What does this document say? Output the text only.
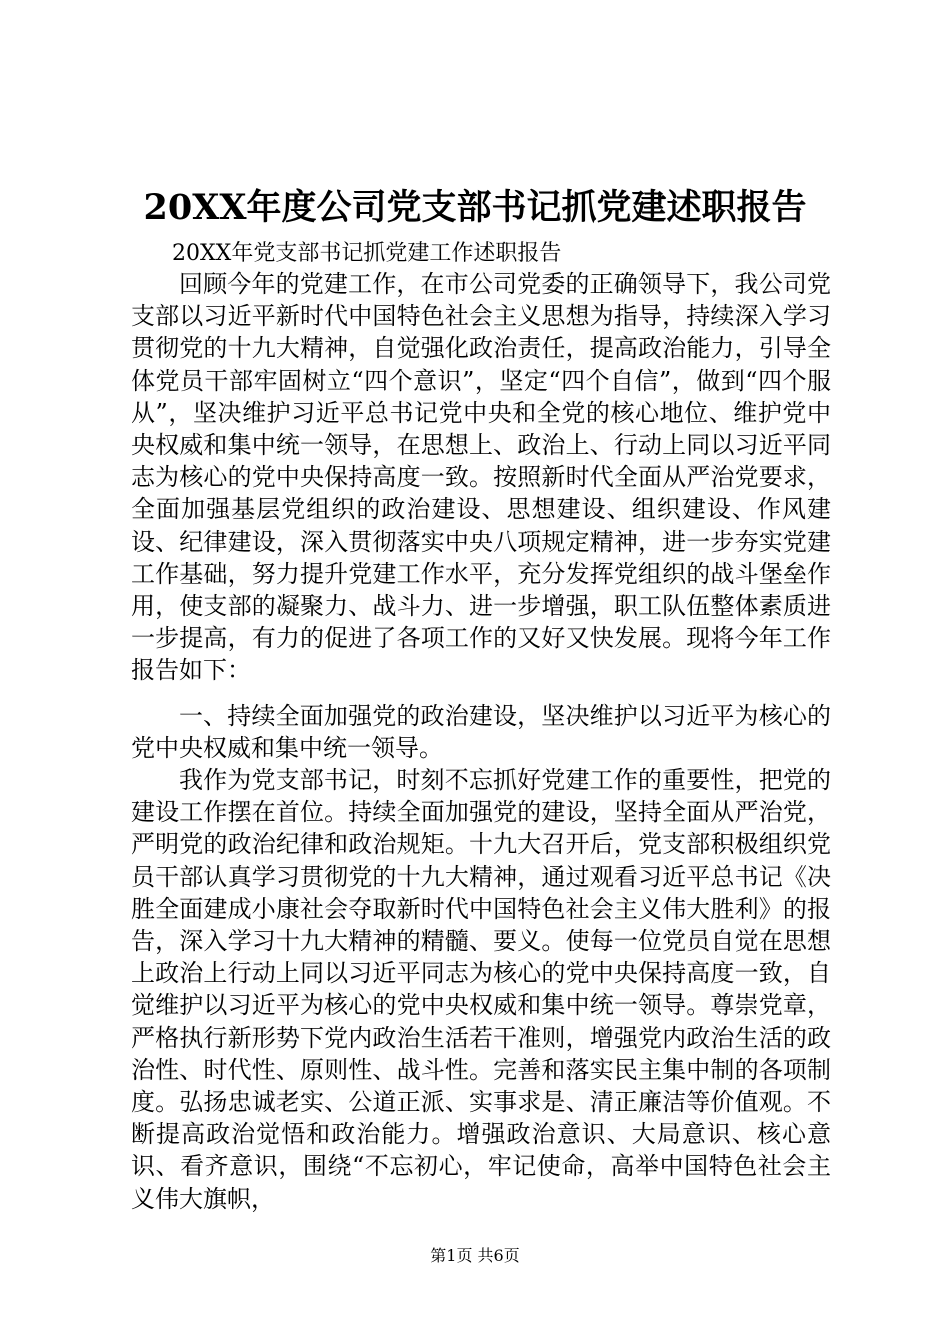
20XX年度公司党支部书记抓党建述职报告
20XX年党支部书记抓党建工作述职报告

回顾今年的党建工作，在市公司党委的正确领导下，我公司党支部以习近平新时代中国特色社会主义思想为指导，持续深入学习贯彻党的十九大精神，自觉强化政治责任，提高政治能力，引导全体党员干部牢固树立“四个意识”，坚定“四个自信”，做到“四个服从”，坚决维护习近平总书记党中央和全党的核心地位、维护党中央权威和集中统一领导，在思想上、政治上、行动上同以习近平同志为核心的党中央保持高度一致。按照新时代全面从严治党要求，全面加强基层党组织的政治建设、思想建设、组织建设、作风建设、纪律建设，深入贯彻落实中央八项规定精神，进一步夯实党建工作基础，努力提升党建工作水平，充分发挥党组织的战斗堡垒作用，使支部的凝聚力、战斗力、进一步增强，职工队伍整体素质进一步提高，有力的促进了各项工作的又好又快发展。现将今年工作报告如下：

一、持续全面加强党的政治建设，坚决维护以习近平为核心的党中央权威和集中统一领导。

我作为党支部书记，时刻不忘抓好党建工作的重要性，把党的建设工作摆在首位。持续全面加强党的建设，坚持全面从严治党，严明党的政治纪律和政治规矩。十九大召开后，党支部积极组织党员干部认真学习贯彻党的十九大精神，通过观看习近平总书记《决胜全面建成小康社会夺取新时代中国特色社会主义伟大胜利》的报告，深入学习十九大精神的精髓、要义。使每一位党员自觉在思想上政治上行动上同以习近平同志为核心的党中央保持高度一致，自觉维护以习近平为核心的党中央权威和集中统一领导。尊崇党章，严格执行新形势下党内政治生活若干准则，增强党内政治生活的政治性、时代性、原则性、战斗性。完善和落实民主集中制的各项制度。弘扬忠诚老实、公道正派、实事求是、清正廉洁等价值观。不断提高政治觉悟和政治能力。增强政治意识、大局意识、核心意识、看齐意识，围绕“不忘初心，牢记使命，高举中国特色社会主义伟大旗帜，

第1页 共6页
